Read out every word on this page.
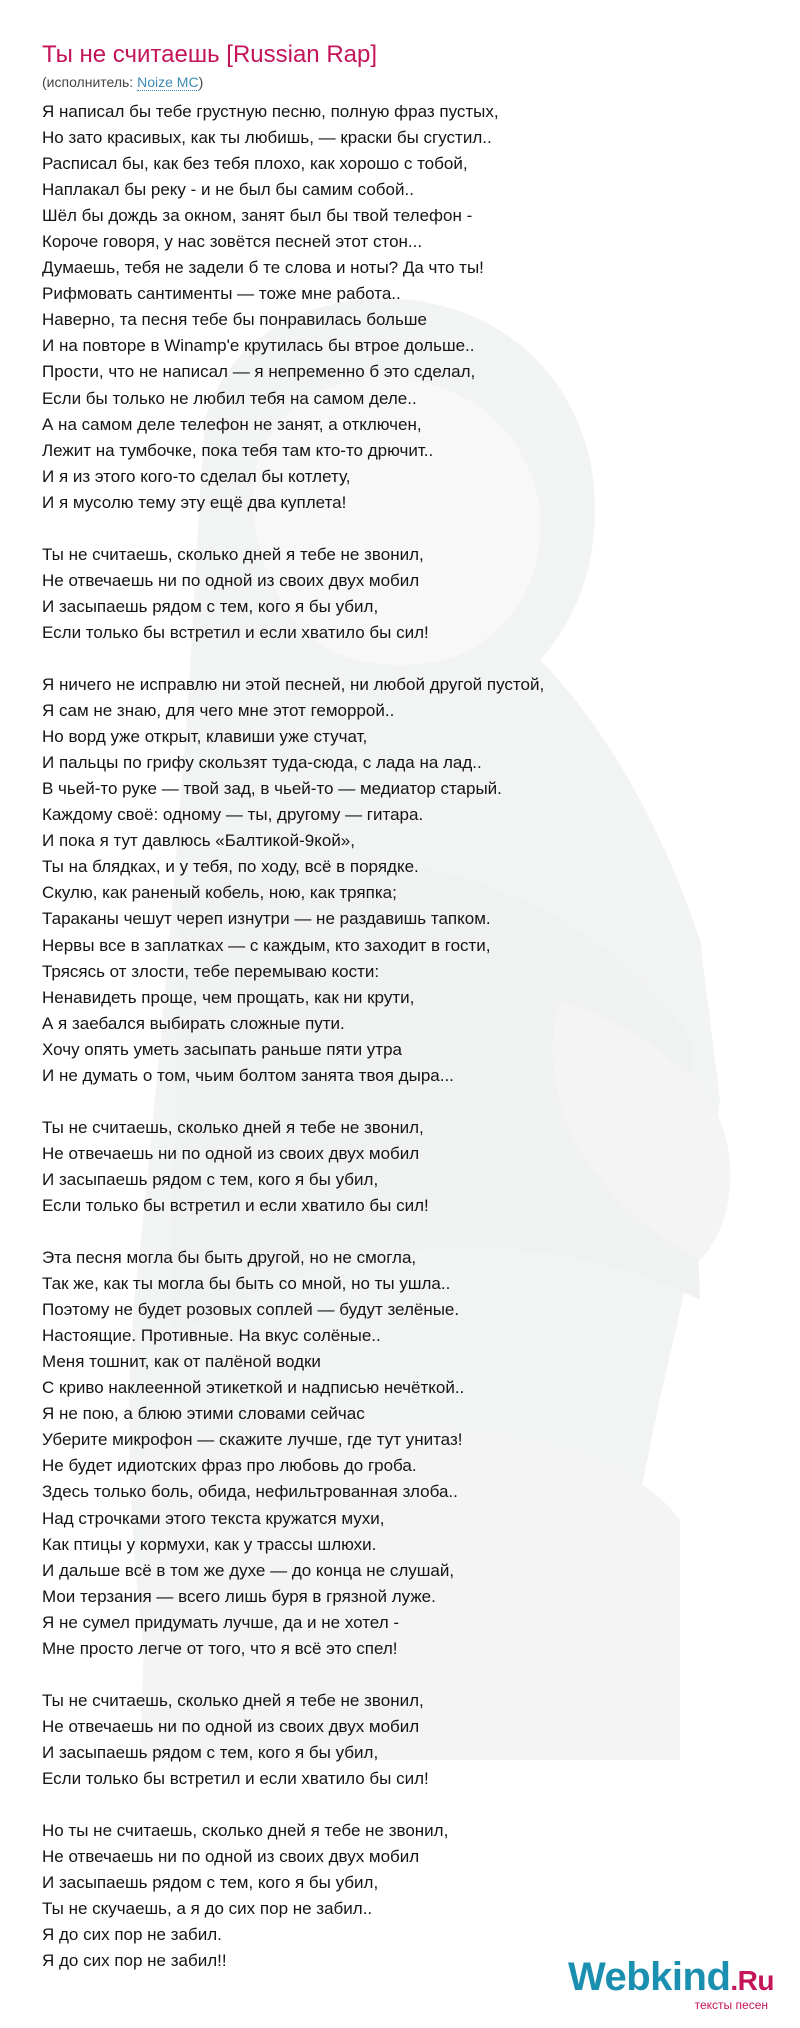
Ты не считаешь [Russian Rap]
(исполнитель: Noize MC)
Я написал бы тебе грустную песню, полную фраз пустых,
Но зато красивых, как ты любишь, — краски бы сгустил..
Расписал бы, как без тебя плохо, как хорошо с тобой,
Наплакал бы реку - и не был бы самим собой..
Шёл бы дождь за окном, занят был бы твой телефон -
Короче говоря, у нас зовётся песней этот стон...
Думаешь, тебя не задели б те слова и ноты? Да что ты!
Рифмовать сантименты — тоже мне работа..
Наверно, та песня тебе бы понравилась больше
И на повторе в Winamp'е крутилась бы втрое дольше..
Прости, что не написал — я непременно б это сделал,
Если бы только не любил тебя на самом деле..
А на самом деле телефон не занят, а отключен,
Лежит на тумбочке, пока тебя там кто-то дрючит..
И я из этого кого-то сделал бы котлету,
И я мусолю тему эту ещё два куплета!
Ты не считаешь, сколько дней я тебе не звонил,
Не отвечаешь ни по одной из своих двух мобил
И засыпаешь рядом с тем, кого я бы убил,
Если только бы встретил и если хватило бы сил!
Я ничего не исправлю ни этой песней, ни любой другой пустой,
Я сам не знаю, для чего мне этот геморрой..
Но ворд уже открыт, клавиши уже стучат,
И пальцы по грифу скользят туда-сюда, с лада на лад..
В чьей-то руке — твой зад, в чьей-то — медиатор старый.
Каждому своё: одному — ты, другому — гитара.
И пока я тут давлюсь «Балтикой-9кой»,
Ты на блядках, и у тебя, по ходу, всё в порядке.
Скулю, как раненый кобель, ною, как тряпка;
Тараканы чешут череп изнутри — не раздавишь тапком.
Нервы все в заплатках — с каждым, кто заходит в гости,
Трясясь от злости, тебе перемываю кости:
Ненавидеть проще, чем прощать, как ни крути,
А я заебался выбирать сложные пути.
Хочу опять уметь засыпать раньше пяти утра
И не думать о том, чьим болтом занята твоя дыра...
Ты не считаешь, сколько дней я тебе не звонил,
Не отвечаешь ни по одной из своих двух мобил
И засыпаешь рядом с тем, кого я бы убил,
Если только бы встретил и если хватило бы сил!
Эта песня могла бы быть другой, но не смогла,
Так же, как ты могла бы быть со мной, но ты ушла..
Поэтому не будет розовых соплей — будут зелёные.
Настоящие. Противные. На вкус солёные..
Меня тошнит, как от палёной водки
С криво наклеенной этикеткой и надписью нечёткой..
Я не пою, а блюю этими словами сейчас
Уберите микрофон — скажите лучше, где тут унитаз!
Не будет идиотских фраз про любовь до гроба.
Здесь только боль, обида, нефильтрованная злоба..
Над строчками этого текста кружатся мухи,
Как птицы у кормухи, как у трассы шлюхи.
И дальше всё в том же духе — до конца не слушай,
Мои терзания — всего лишь буря в грязной луже.
Я не сумел придумать лучше, да и не хотел -
Мне просто легче от того, что я всё это спел!
Ты не считаешь, сколько дней я тебе не звонил,
Не отвечаешь ни по одной из своих двух мобил
И засыпаешь рядом с тем, кого я бы убил,
Если только бы встретил и если хватило бы сил!
Но ты не считаешь, сколько дней я тебе не звонил,
Не отвечаешь ни по одной из своих двух мобил
И засыпаешь рядом с тем, кого я бы убил,
Ты не скучаешь, а я до сих пор не забил..
Я до сих пор не забил.
Я до сих пор не забил!!	Webkind.Ru
тексты песен
